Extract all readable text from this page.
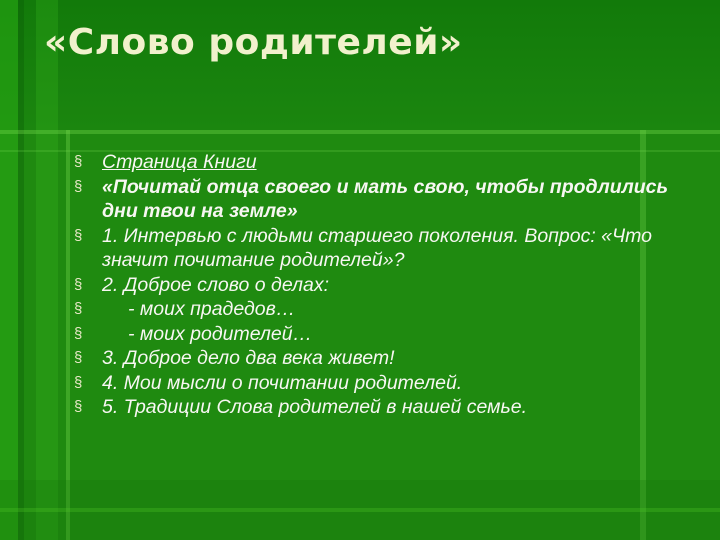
«Слово родителей»
§ Страница Книги
§ «Почитай отца своего и мать свою, чтобы продлились дни твои на земле»
§ 1. Интервью с людьми старшего поколения. Вопрос: «Что значит почитание родителей»?
§ 2. Доброе слово о делах:
§ - моих прадедов…
§ - моих родителей…
§ 3. Доброе дело два века живет!
§ 4. Мои мысли о почитании родителей.
§ 5. Традиции Слова родителей в нашей семье.
